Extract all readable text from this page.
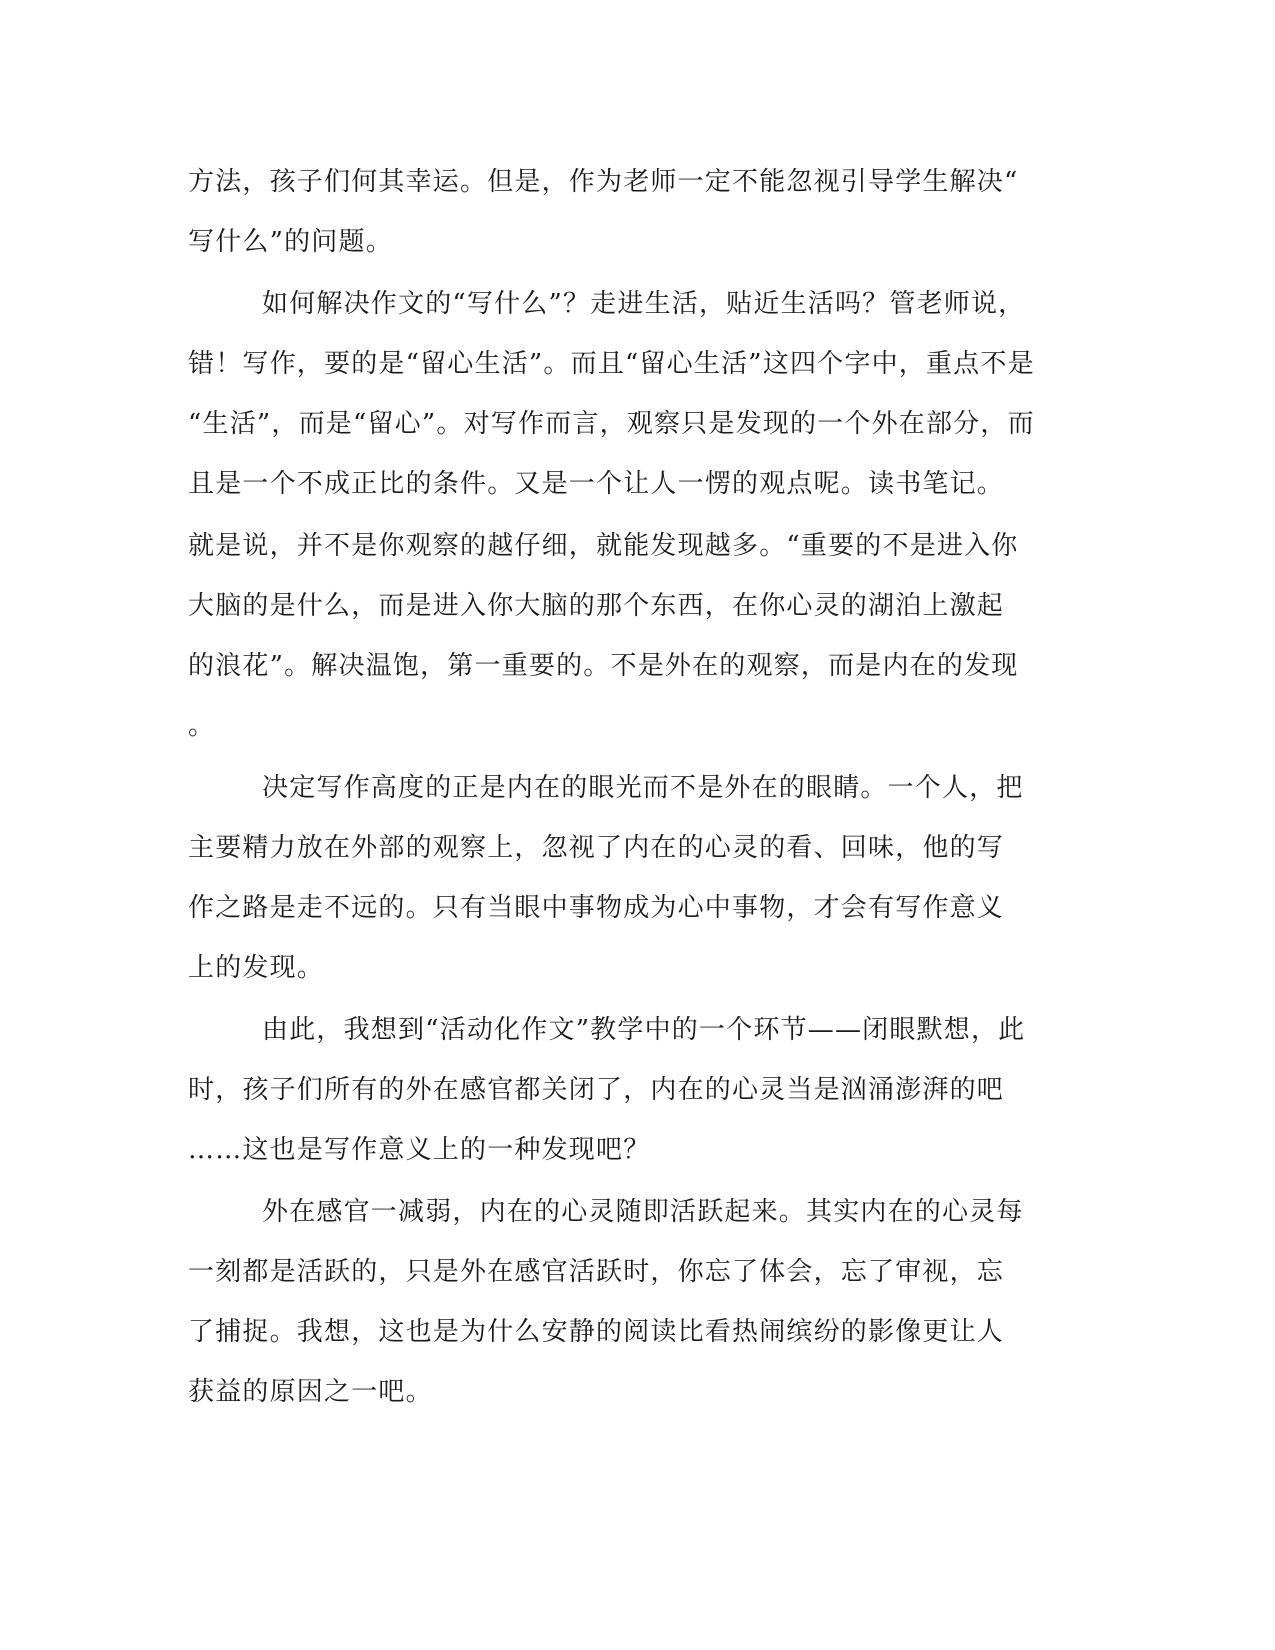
方法，孩子们何其幸运。但是，作为老师一定不能忽视引导学生解决“
写什么”的问题。
如何解决作文的“写什么”？走进生活，贴近生活吗？管老师说，
错！写作，要的是“留心生活”。而且“留心生活”这四个字中，重点不是
“生活”，而是“留心”。对写作而言，观察只是发现的一个外在部分，而
且是一个不成正比的条件。又是一个让人一愣的观点呢。读书笔记。
就是说，并不是你观察的越仔细，就能发现越多。“重要的不是进入你
大脑的是什么，而是进入你大脑的那个东西，在你心灵的湖泊上激起
的浪花”。解决温饱，第一重要的。不是外在的观察，而是内在的发现
。
决定写作高度的正是内在的眼光而不是外在的眼睛。一个人，把
主要精力放在外部的观察上，忽视了内在的心灵的看、回味，他的写
作之路是走不远的。只有当眼中事物成为心中事物，才会有写作意义
上的发现。
由此，我想到“活动化作文”教学中的一个环节——闭眼默想，此
时，孩子们所有的外在感官都关闭了，内在的心灵当是汹涌澎湃的吧
……这也是写作意义上的一种发现吧？
外在感官一减弱，内在的心灵随即活跃起来。其实内在的心灵每
一刻都是活跃的，只是外在感官活跃时，你忘了体会，忘了审视，忘
了捕捉。我想，这也是为什么安静的阅读比看热闹缤纷的影像更让人
获益的原因之一吧。
